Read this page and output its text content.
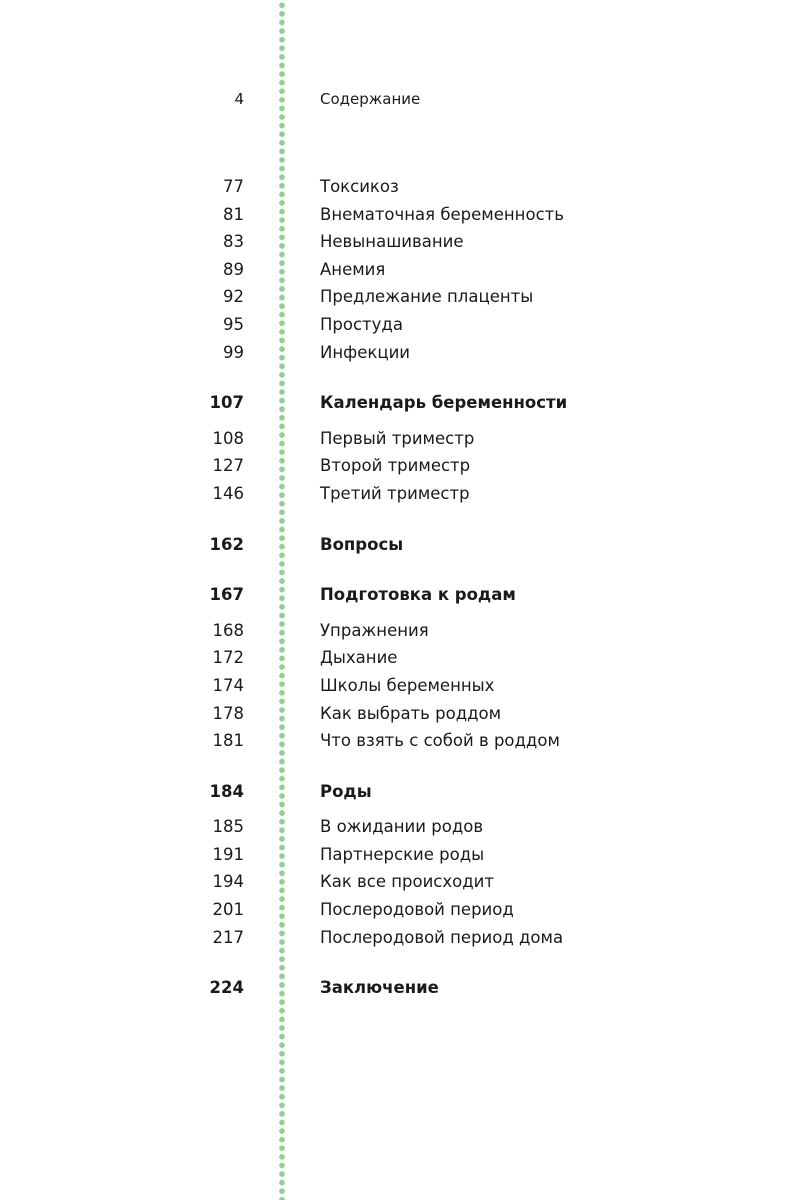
4	Содержание
77	Токсикоз
81	Внематочная беременность
83	Невынашивание
89	Анемия
92	Предлежание плаценты
95	Простуда
99	Инфекции
107	Календарь беременности
108	Первый триместр
127	Второй триместр
146	Третий триместр
162	Вопросы
167	Подготовка к родам
168	Упражнения
172	Дыхание
174	Школы беременных
178	Как выбрать роддом
181	Что взять с собой в роддом
184	Роды
185	В ожидании родов
191	Партнерские роды
194	Как все происходит
201	Послеродовой период
217	Послеродовой период дома
224	Заключение
